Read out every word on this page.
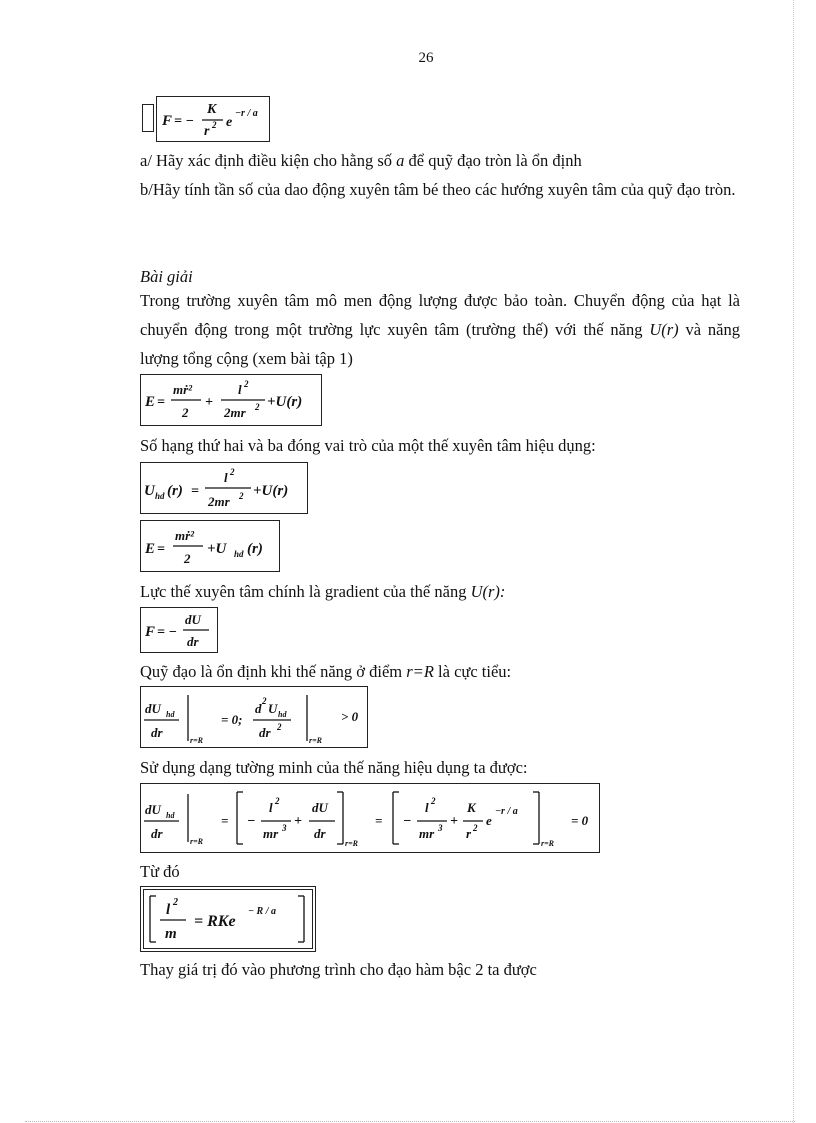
26
F = −
K
r 2 e
−r / a
a/ Hãy xác định điều kiện cho hằng số a để quỹ đạo tròn là ổn định
b/Hãy tính tần số của dao động xuyên tâm bé theo các hướng xuyên tâm của quỹ đạo tròn.
Bài giải
Trong trường xuyên tâm mô men động lượng được bảo toàn. Chuyển động của hạt là chuyển động trong một trường lực xuyên tâm (trường thế) với thế năng U(r) và năng lượng tổng cộng (xem bài tập 1)
E =
mṙ²
2
+
l 2
2mr 2 +U(r)
Số hạng thứ hai và ba đóng vai trò của một thế xuyên tâm hiệu dụng:
U hd (r) =
l 2
2mr 2 +U(r)
E =
mṙ²
2
+U hd (r)
Lực thế xuyên tâm chính là gradient của thế năng U(r):
F = −
dU
dr
Quỹ đạo là ổn định khi thế năng ở điểm r=R là cực tiểu:
dU hd
dr
r=R
= 0;
d 2 U hd
dr 2
r=R
> 0
Sử dụng dạng tường minh của thế năng hiệu dụng ta được:
dU hd
dr
r=R
= −
l 2
mr 3 +
dU
dr
r=R
= −
l 2
mr 3 +
K
r 2 e
−r / a
r=R
= 0
Từ đó
l 2
m
= RKe
− R / a
Thay giá trị đó vào phương trình cho đạo hàm bậc 2 ta được
